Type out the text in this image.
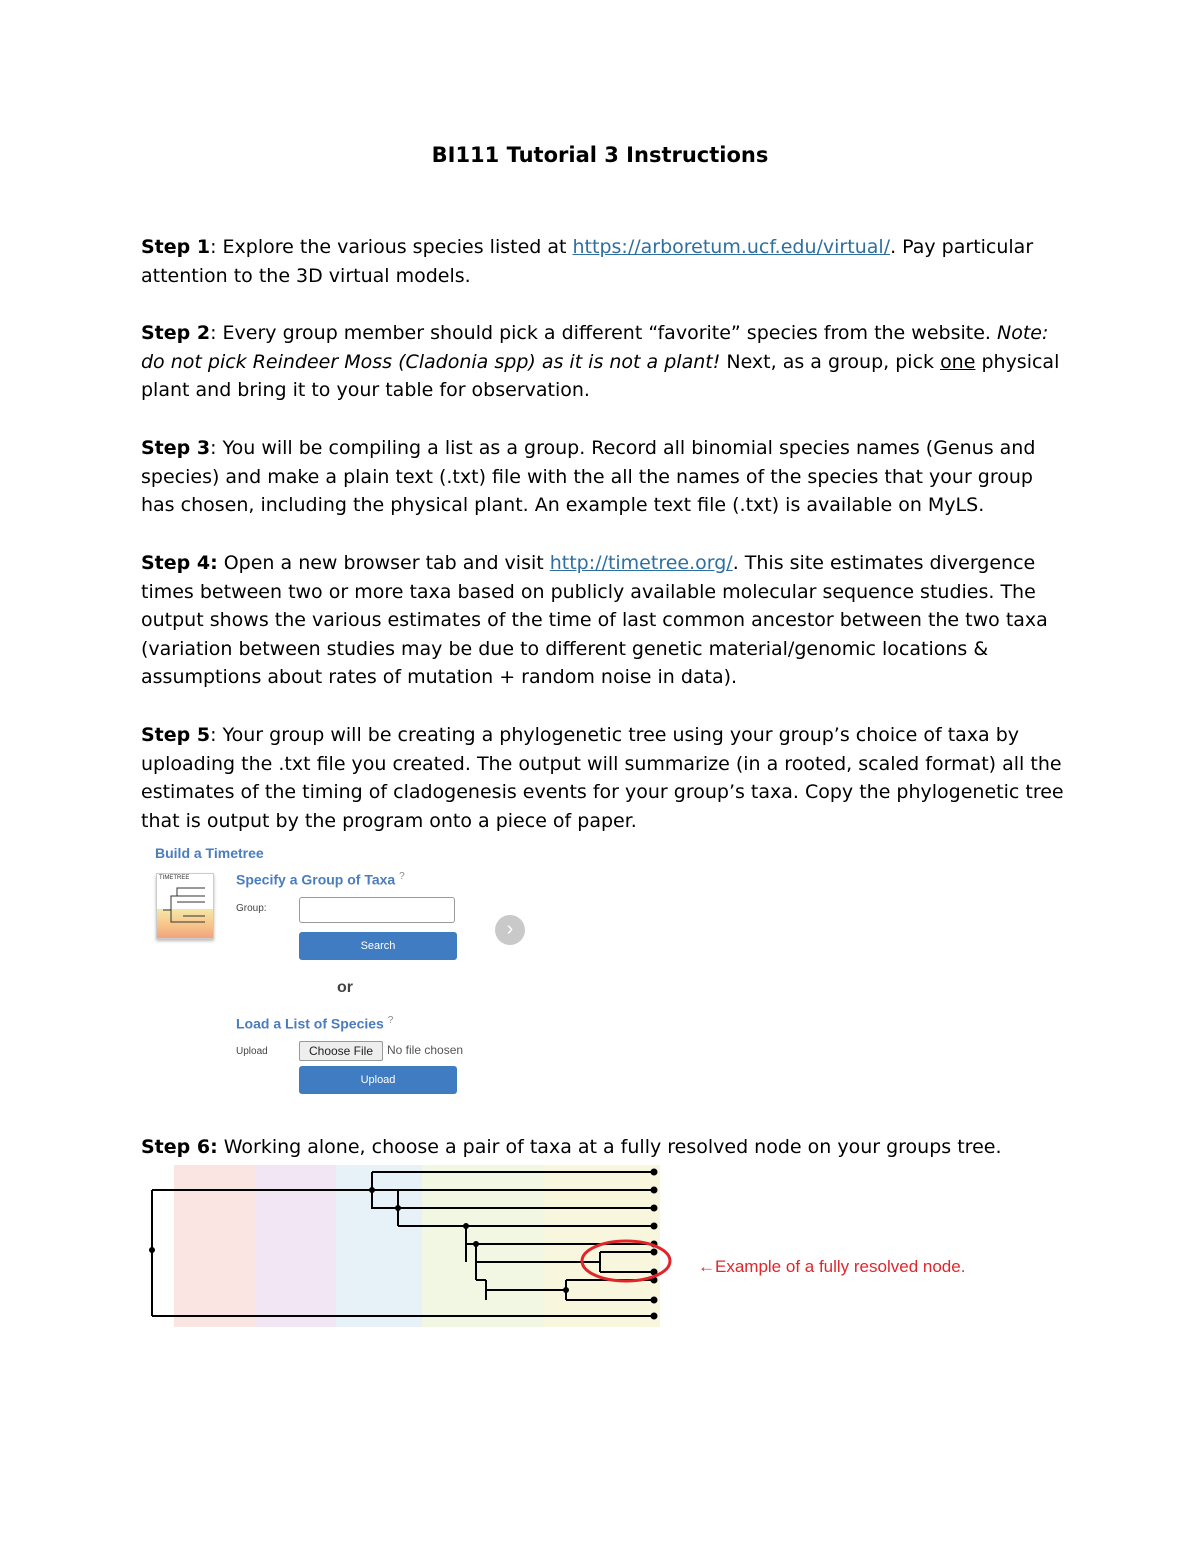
BI111 Tutorial 3 Instructions
Step 1: Explore the various species listed at https://arboretum.ucf.edu/virtual/. Pay particular attention to the 3D virtual models.
Step 2: Every group member should pick a different “favorite” species from the website. Note: do not pick Reindeer Moss (Cladonia spp) as it is not a plant! Next, as a group, pick one physical plant and bring it to your table for observation.
Step 3: You will be compiling a list as a group. Record all binomial species names (Genus and species) and make a plain text (.txt) file with the all the names of the species that your group has chosen, including the physical plant. An example text file (.txt) is available on MyLS.
Step 4: Open a new browser tab and visit http://timetree.org/. This site estimates divergence times between two or more taxa based on publicly available molecular sequence studies. The output shows the various estimates of the time of last common ancestor between the two taxa (variation between studies may be due to different genetic material/genomic locations & assumptions about rates of mutation + random noise in data).
Step 5: Your group will be creating a phylogenetic tree using your group’s choice of taxa by uploading the .txt file you created. The output will summarize (in a rooted, scaled format) all the estimates of the timing of cladogenesis events for your group’s taxa. Copy the phylogenetic tree that is output by the program onto a piece of paper.
Build a Timetree
TIMETREE	Specify a Group of Taxa ?
Group:
Search
›
or
Load a List of Species ?
Upload	Choose File	No file chosen
Upload
Step 6: Working alone, choose a pair of taxa at a fully resolved node on your groups tree.
←Example of a fully resolved node.
